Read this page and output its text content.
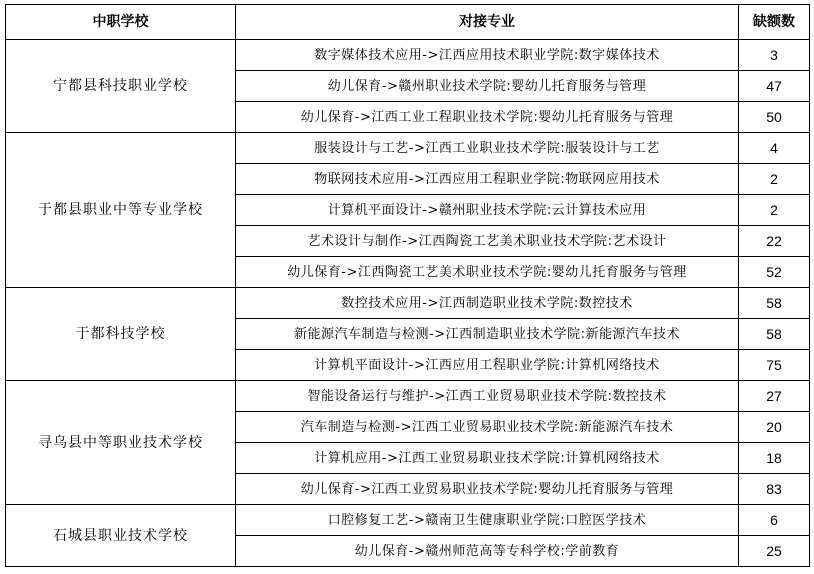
中职学校	对接专业	缺额数
宁都县科技职业学校	数字媒体技术应用->江西应用技术职业学院:数字媒体技术	3
	幼儿保育->赣州职业技术学院:婴幼儿托育服务与管理	47
	幼儿保育->江西工业工程职业技术学院:婴幼儿托育服务与管理	50
于都县职业中等专业学校	服装设计与工艺->江西工业职业技术学院:服装设计与工艺	4
	物联网技术应用->江西应用工程职业学院:物联网应用技术	2
	计算机平面设计->赣州职业技术学院:云计算技术应用	2
	艺术设计与制作->江西陶瓷工艺美术职业技术学院:艺术设计	22
	幼儿保育->江西陶瓷工艺美术职业技术学院:婴幼儿托育服务与管理	52
于都科技学校	数控技术应用->江西制造职业技术学院:数控技术	58
	新能源汽车制造与检测->江西制造职业技术学院:新能源汽车技术	58
	计算机平面设计->江西应用工程职业学院:计算机网络技术	75
寻乌县中等职业技术学校	智能设备运行与维护->江西工业贸易职业技术学院:数控技术	27
	汽车制造与检测->江西工业贸易职业技术学院:新能源汽车技术	20
	计算机应用->江西工业贸易职业技术学院:计算机网络技术	18
	幼儿保育->江西工业贸易职业技术学院:婴幼儿托育服务与管理	83
石城县职业技术学校	口腔修复工艺->赣南卫生健康职业学院:口腔医学技术	6
	幼儿保育->赣州师范高等专科学校:学前教育	25
